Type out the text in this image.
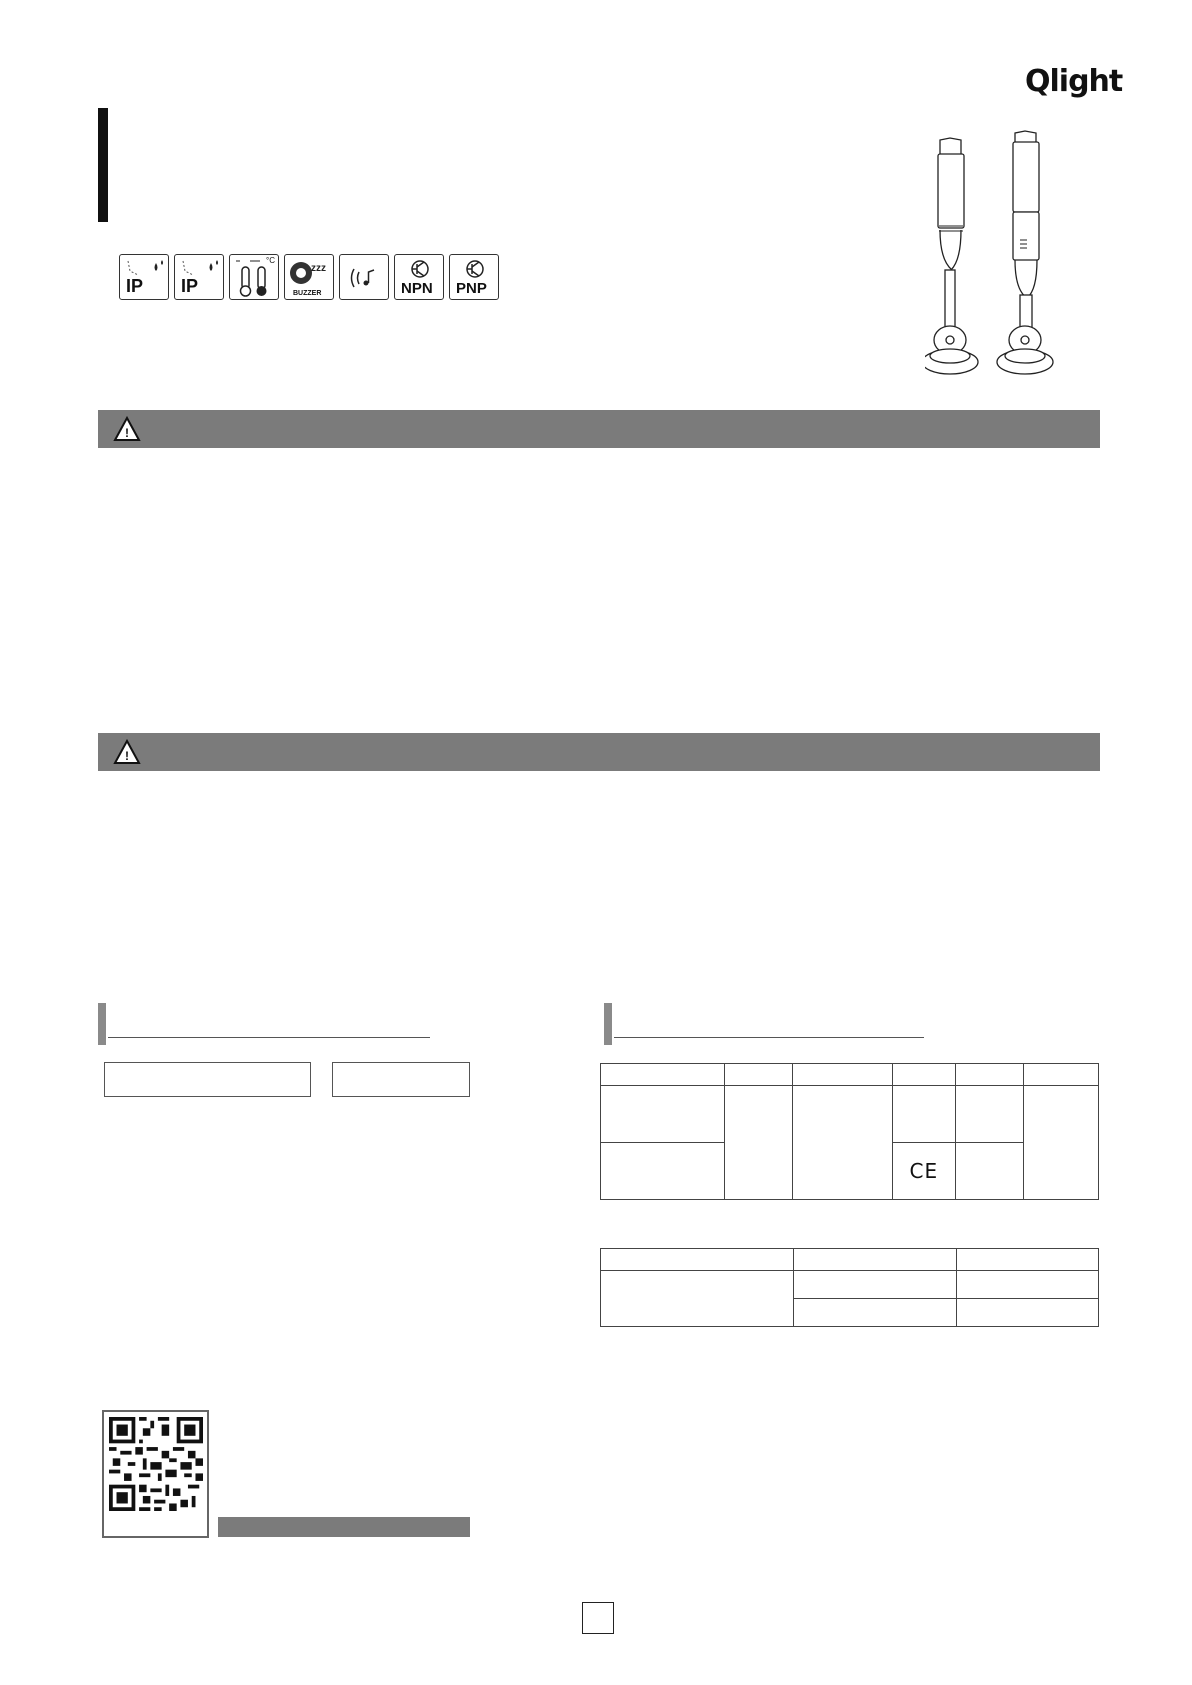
Qlight
IP IP
°C
zzz
BUZZER	NPN PNP
!
!

			CE		
